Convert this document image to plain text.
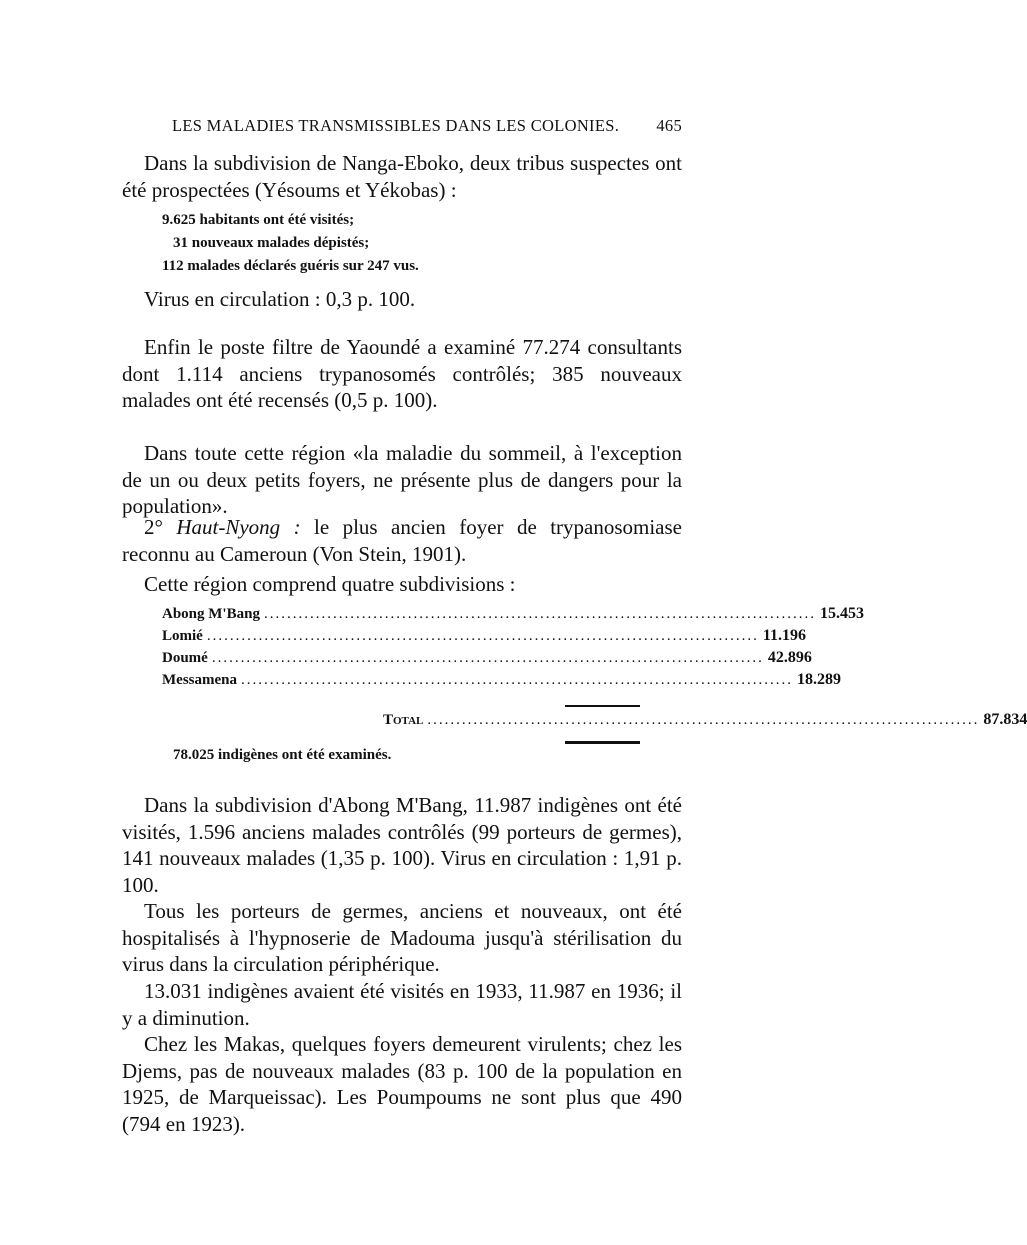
LES MALADIES TRANSMISSIBLES DANS LES COLONIES. 465
Dans la subdivision de Nanga-Eboko, deux tribus suspectes ont été prospectées (Yésoums et Yékobas) :
9.625 habitants ont été visités;
31 nouveaux malades dépistés;
112 malades déclarés guéris sur 247 vus.
Virus en circulation : 0,3 p. 100.
Enfin le poste filtre de Yaoundé a examiné 77.274 consultants dont 1.114 anciens trypanosomés contrôlés; 385 nouveaux malades ont été recensés (0,5 p. 100).
Dans toute cette région «la maladie du sommeil, à l'exception de un ou deux petits foyers, ne présente plus de dangers pour la population».
2° Haut-Nyong : le plus ancien foyer de trypanosomiase reconnu au Cameroun (Von Stein, 1901).
Cette région comprend quatre subdivisions :
Abong M'Bang ................................................................................................ 15.453
Lomié ................................................................................................ 11.196
Doumé ................................................................................................ 42.896
Messamena ................................................................................................ 18.289
Total ................................................................................................ 87.834
78.025 indigènes ont été examinés.
Dans la subdivision d'Abong M'Bang, 11.987 indigènes ont été visités, 1.596 anciens malades contrôlés (99 porteurs de germes), 141 nouveaux malades (1,35 p. 100). Virus en circulation : 1,91 p. 100.
Tous les porteurs de germes, anciens et nouveaux, ont été hospitalisés à l'hypnoserie de Madouma jusqu'à stérilisation du virus dans la circulation périphérique.
13.031 indigènes avaient été visités en 1933, 11.987 en 1936; il y a diminution.
Chez les Makas, quelques foyers demeurent virulents; chez les Djems, pas de nouveaux malades (83 p. 100 de la population en 1925, de Marqueissac). Les Poumpoums ne sont plus que 490 (794 en 1923).
